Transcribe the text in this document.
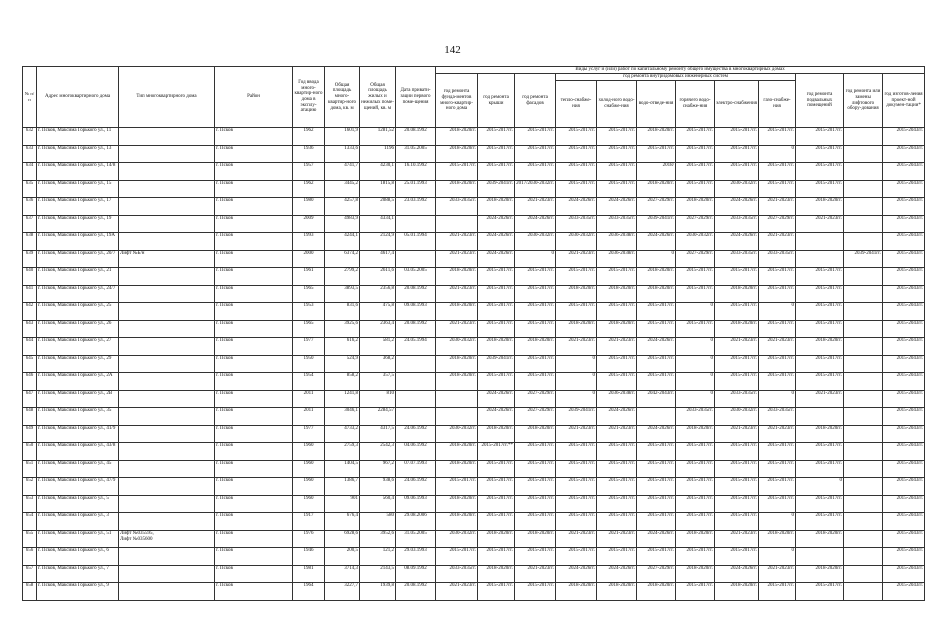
142
№ п/п	Адрес многоквартирного дома	Тип многоквартирного дома	Район	Год ввода много-квартир-ного дома в эксплу-атацию	Общая площадь много-квартир-ного дома, кв. м	Общая площадь жилых и нежилых поме-щений, кв. м	Дата привати-зации первого поме-щения	Виды услуг и (или) работ по капитальному ремонту общего имущества в многоквартирных домах											
								год ремонта фунда-ментов много-квартир-ного дома	год ремонта крыши	год ремонта фасадов	год ремонта внутридомовых инженерных систем						год ремонта подвальных помещений	год ремонта или замены лифтового обору-дования	год изготов-ления проект-ной докумен-тации*
											тепло-снабже-ния	холод-ного водо-снабже-ния	водо-отведе-ния	горячего водо-снабже-ния	электро-снабжения	газо-снабже-ния			
632	г. Псков, Максима Горького ул., 11		г. Псков	1962	1601,9	1281,52	20.08.1992	2018-2020гг.	2015-2017гг.	2015-2017гг.	2015-2017гг.	2015-2017гг.	2018-2020гг.	2015-2017гг.	2015-2017гг.	2015-2017гг.	2015-2017гг.		2015-2043гг.
633	г. Псков, Максима Горького ул., 13		г. Псков	1936	1333,6	1196	31.05.2005	2018-2020гг.	2015-2017гг.	2015-2017гг.	2015-2017гг.	2015-2017гг.	2015-2017гг.	2015-2017гг.	2015-2017гг.	0	2015-2017гг.		2015-2043гг.
634	г. Псков, Максима Горького ул., 14/8		г. Псков	1957	4741,7	4230,1	16.10.1992	2015-2017гг.	2015-2017гг.	2015-2017гг.	2015-2017гг.	2015-2017гг.	2018/	2015-2017гг.	2015-2017гг.	2015-2017гг.	2015-2017гг.		2015-2043гг.
635	г. Псков, Максима Горького ул., 15		г. Псков	1962	3445,2	1815,8	25.01.1993	2018-2020гг.	2039-2041гг.	2017/2030-2032гг.	2015-2017гг.	2015-2017гг.	2018-2020гг.	2015-2017гг.	2030-2032гг.	2015-2017гг.	2015-2017гг.		2015-2043гг.
636	г. Псков, Максима Горького ул., 17		г. Псков	1980	4257,8	2088,5	23.03.1992	2033-2035гг.	2018-2020гг.	2021-2023гг.	2024-2026гг.	2024-2026гг.	2027-2029гг.	2018-2020гг.	2024-2026гг.	2021-2023гг.	2018-2020гг.		2015-2043гг.
637	г. Псков, Максима Горького ул., 19		г. Псков	2009	4983,9	4334,1			2024-2026гг.	2024-2026гг.	2033-2035гг.	2033-2035гг.	2039-2041гг.	2027-2029гг.	2033-2035гг.	2027-2029гг.	2021-2023гг.		2015-2043гг.
638	г. Псков, Максима Горького ул., 19А		г. Псков	1993	4244,1	2124,9	05.01.1994	2021-2023гг.	2024-2026гг.	2030-2032гг.	2030-2032гг.	2036-2038гг.	2024-2026гг.	2030-2032гг.	2024-2026гг.	2021-2023гг.			2015-2043гг.
639	г. Псков, Максима Горького ул., 20/7	Лифт №Б/н	г. Псков	2000	6374,2	4617,4		2021-2023гг.	2024-2026гг.	0	2021-2023гг.	2036-2038гг.	0	2027-2029гг.	2033-2035гг.	2033-2035гг.		2039-2041гг.	2015-2043гг.
640	г. Псков, Максима Горького ул., 21		г. Псков	1961	2799,2	2611,6	03.05.2005	2018-2020гг.	2015-2017гг.	2015-2017гг.	2015-2017гг.	2015-2017гг.	2018-2020гг.	2015-2017гг.	2015-2017гг.	2015-2017гг.	2015-2017гг.		2015-2043гг.
641	г. Псков, Максима Горького ул., 24/7		г. Псков	1965	3893,5	2356,8	20.08.1992	2021-2023гг.	2015-2017гг.	2015-2017гг.	2018-2020гг.	2018-2020гг.	2018-2020гг.	2015-2017гг.	2018-2020гг.	2015-2017гг.	2015-2017гг.		2015-2043гг.
642	г. Псков, Максима Горького ул., 25		г. Псков	1953	831,6	475,8	09.08.1993	2018-2020гг.	2015-2017гг.	2015-2017гг.	2015-2017гг.	2015-2017гг.	2015-2017гг.	0	2015-2017гг.	0	2015-2017гг.		2015-2043гг.
643	г. Псков, Максима Горького ул., 26		г. Псков	1965	3925,6	2363,4	20.08.1992	2021-2023гг.	2015-2017гг.	2015-2017гг.	2018-2020гг.	2018-2020гг.	2015-2017гг.	2015-2017гг.	2018-2020гг.	2015-2017гг.	2015-2017гг.		2015-2043гг.
644	г. Псков, Максима Горького ул., 27		г. Псков	1977	616,2	581,2	24.05.1994	2030-2032гг.	2018-2020гг.	2018-2020гг.	2021-2023гг.	2021-2023гг.	2024-2026гг.	0	2021-2023гг.	2021-2023гг.	2018-2020гг.		2015-2043гг.
645	г. Псков, Максима Горького ул., 29		г. Псков	1950	524,9	368,2		2018-2020гг.	2039-2041гг.	2015-2017гг.	0	2015-2017гг.	2015-2017гг.	0	2015-2017гг.	2015-2017гг.	2015-2017гг.		2015-2043гг.
646	г. Псков, Максима Горького ул., 2А		г. Псков	1954	858,2	357,5		2018-2020гг.	2015-2017гг.	2015-2017гг.	0	2015-2017гг.	2015-2017гг.	0	2015-2017гг.	2015-2017гг.	2015-2017гг.		2015-2043гг.
647	г. Псков, Максима Горького ул., 2В		г. Псков	2011	1241,8	810			2024-2026гг.	2027-2029гг.	0	2036-2038гг.	2042-2043гг.	0	2033-2035гг.	0	2021-2023гг.		2015-2043гг.
648	г. Псков, Максима Горького ул., 35		г. Псков	2011	3046,1	2284,57			2024-2026гг.	2027-2029гг.	2039-2041гг.	2024-2026гг.		2033-2035гг.	2030-2032гг.	2033-2035гг.			2015-2043гг.
649	г. Псков, Максима Горького ул., 41/9		г. Псков	1977	4733,2	4317,5	24.06.1992	2030-2032гг.	2018-2020гг.	2018-2020гг.	2021-2023гг.	2021-2023гг.	2024-2026гг.	2018-2020гг.	2021-2023гг.	2021-2023гг.	2018-2020гг.		2015-2043гг.
650	г. Псков, Максима Горького ул., 43/8		г. Псков	1960	2759,3	2542,3	04.06.1992	2018-2020гг.	2015-2017гг.**	2015-2017гг.	2015-2017гг.	2015-2017гг.	2015-2017гг.	2015-2017гг.	2015-2017гг.	2015-2017гг.	2015-2017гг.		2015-2043гг.
651	г. Псков, Максима Горького ул., 45		г. Псков	1960	1404,5	967,2	07.07.1993	2018-2020гг.	2015-2017гг.	2015-2017гг.	2015-2017гг.	2015-2017гг.	2015-2017гг.	2015-2017гг.	2015-2017гг.	2015-2017гг.	2015-2017гг.		2015-2043гг.
652	г. Псков, Максима Горького ул., 47/9		г. Псков	1960	1386,7	938,6	24.06.1992	2015-2017гг.	2015-2017гг.	2015-2017гг.	2015-2017гг.	2015-2017гг.	2015-2017гг.	2015-2017гг.	2015-2017гг.	2015-2017гг.	0		2015-2043гг.
653	г. Псков, Максима Горького ул., 5		г. Псков	1960	901	560,4	09.06.1993	2018-2020гг.	2015-2017гг.	2015-2017гг.	2015-2017гг.	2015-2017гг.	2015-2017гг.	2015-2017гг.	2015-2017гг.	2015-2017гг.	2015-2017гг.		2015-2043гг.
654	г. Псков, Максима Горького ул., 3		г. Псков	1917	676,4	580	29.08.2006	2018-2020гг.	2015-2017гг.	2015-2017гг.	2015-2017гг.	2015-2017гг.	2015-2017гг.	2015-2017гг.	2015-2017гг.	0	2015-2017гг.		2015-2043гг.
655	г. Псков, Максима Горького ул., 51	Лифт №035595,
Лифт №035600	г. Псков	1976	6928,6	3952,6	31.05.2005	2030-2032гг.	2018-2020гг.	2018-2020гг.	2021-2023гг.	2021-2023гг.	2024-2026гг.	2018-2020гг.	2021-2023гг.	2018-2020гг.	2018-2020гг.		2015-2043гг.
656	г. Псков, Максима Горького ул., 6		г. Псков	1946	200,5	121,2	29.03.1993	2015-2017гг.	2015-2017гг.	2015-2017гг.	2015-2017гг.	2015-2017гг.	2015-2017гг.	2015-2017гг.	2015-2017гг.	0			2015-2043гг.
657	г. Псков, Максима Горького ул., 7		г. Псков	1981	3714,3	2143,5	08.09.1992	2033-2035гг.	2018-2020гг.	2021-2023гг.	2024-2026гг.	2024-2026гг.	2027-2029гг.	2018-2020гг.	2024-2026гг.	2021-2023гг.	2018-2020гг.		2015-2043гг.
658	г. Псков, Максима Горького ул., 9		г. Псков	1964	3227,7	1939,8	20.08.1992	2021-2023гг.	2015-2017гг.	2015-2017гг.	2018-2020гг.	2018-2020гг.	2018-2020гг.	2015-2017гг.	2018-2020гг.	2015-2017гг.	2015-2017гг.		2015-2043гг.
